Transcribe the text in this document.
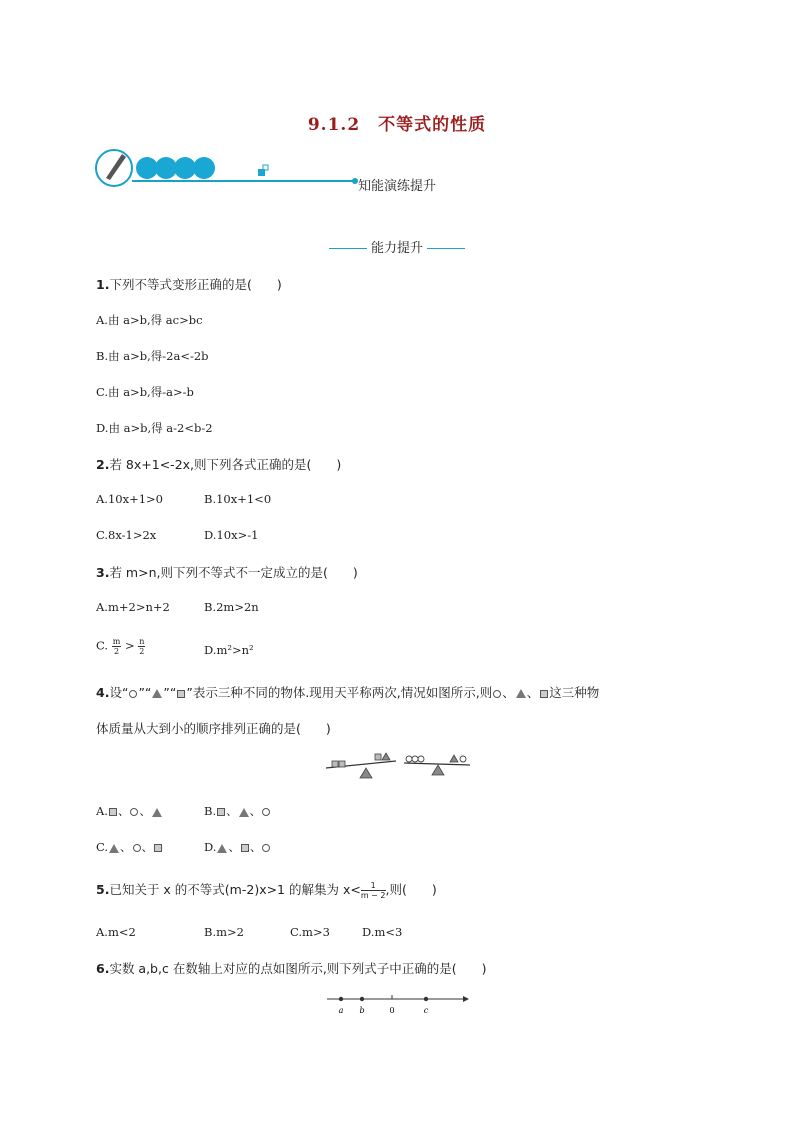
9.1.2　不等式的性质
知能演练提升
能力提升
1.下列不等式变形正确的是(　　)
A.由 a>b,得 ac>bc
B.由 a>b,得-2a<-2b
C.由 a>b,得-a>-b
D.由 a>b,得 a-2<b-2
2.若 8x+1<-2x,则下列各式正确的是(　　)
A.10x+1>0	B.10x+1<0
C.8x-1>2x	D.10x>-1
3.若 m>n,则下列不等式不一定成立的是(　　)
A.m+2>n+2	B.2m>2n
C. $\frac{m}{2} > \frac{n}{2}$	D.m²>n²
4.设“ ”“ ”“ ”表示三种不同的物体.现用天平称两次,情况如图所示,则 、 、 这三种物
体质量从大到小的顺序排列正确的是(　　)
A. 、 、	B. 、 、
C. 、 、	D. 、 、
5.已知关于 x 的不等式(m-2)x>1 的解集为 $x< \frac{1}{m - 2}$ ,则(　　)
A.m<2	B.m>2	C.m>3	D.m<3
6.实数 a,b,c 在数轴上对应的点如图所示,则下列式子中正确的是(　　)
a b	0	c
